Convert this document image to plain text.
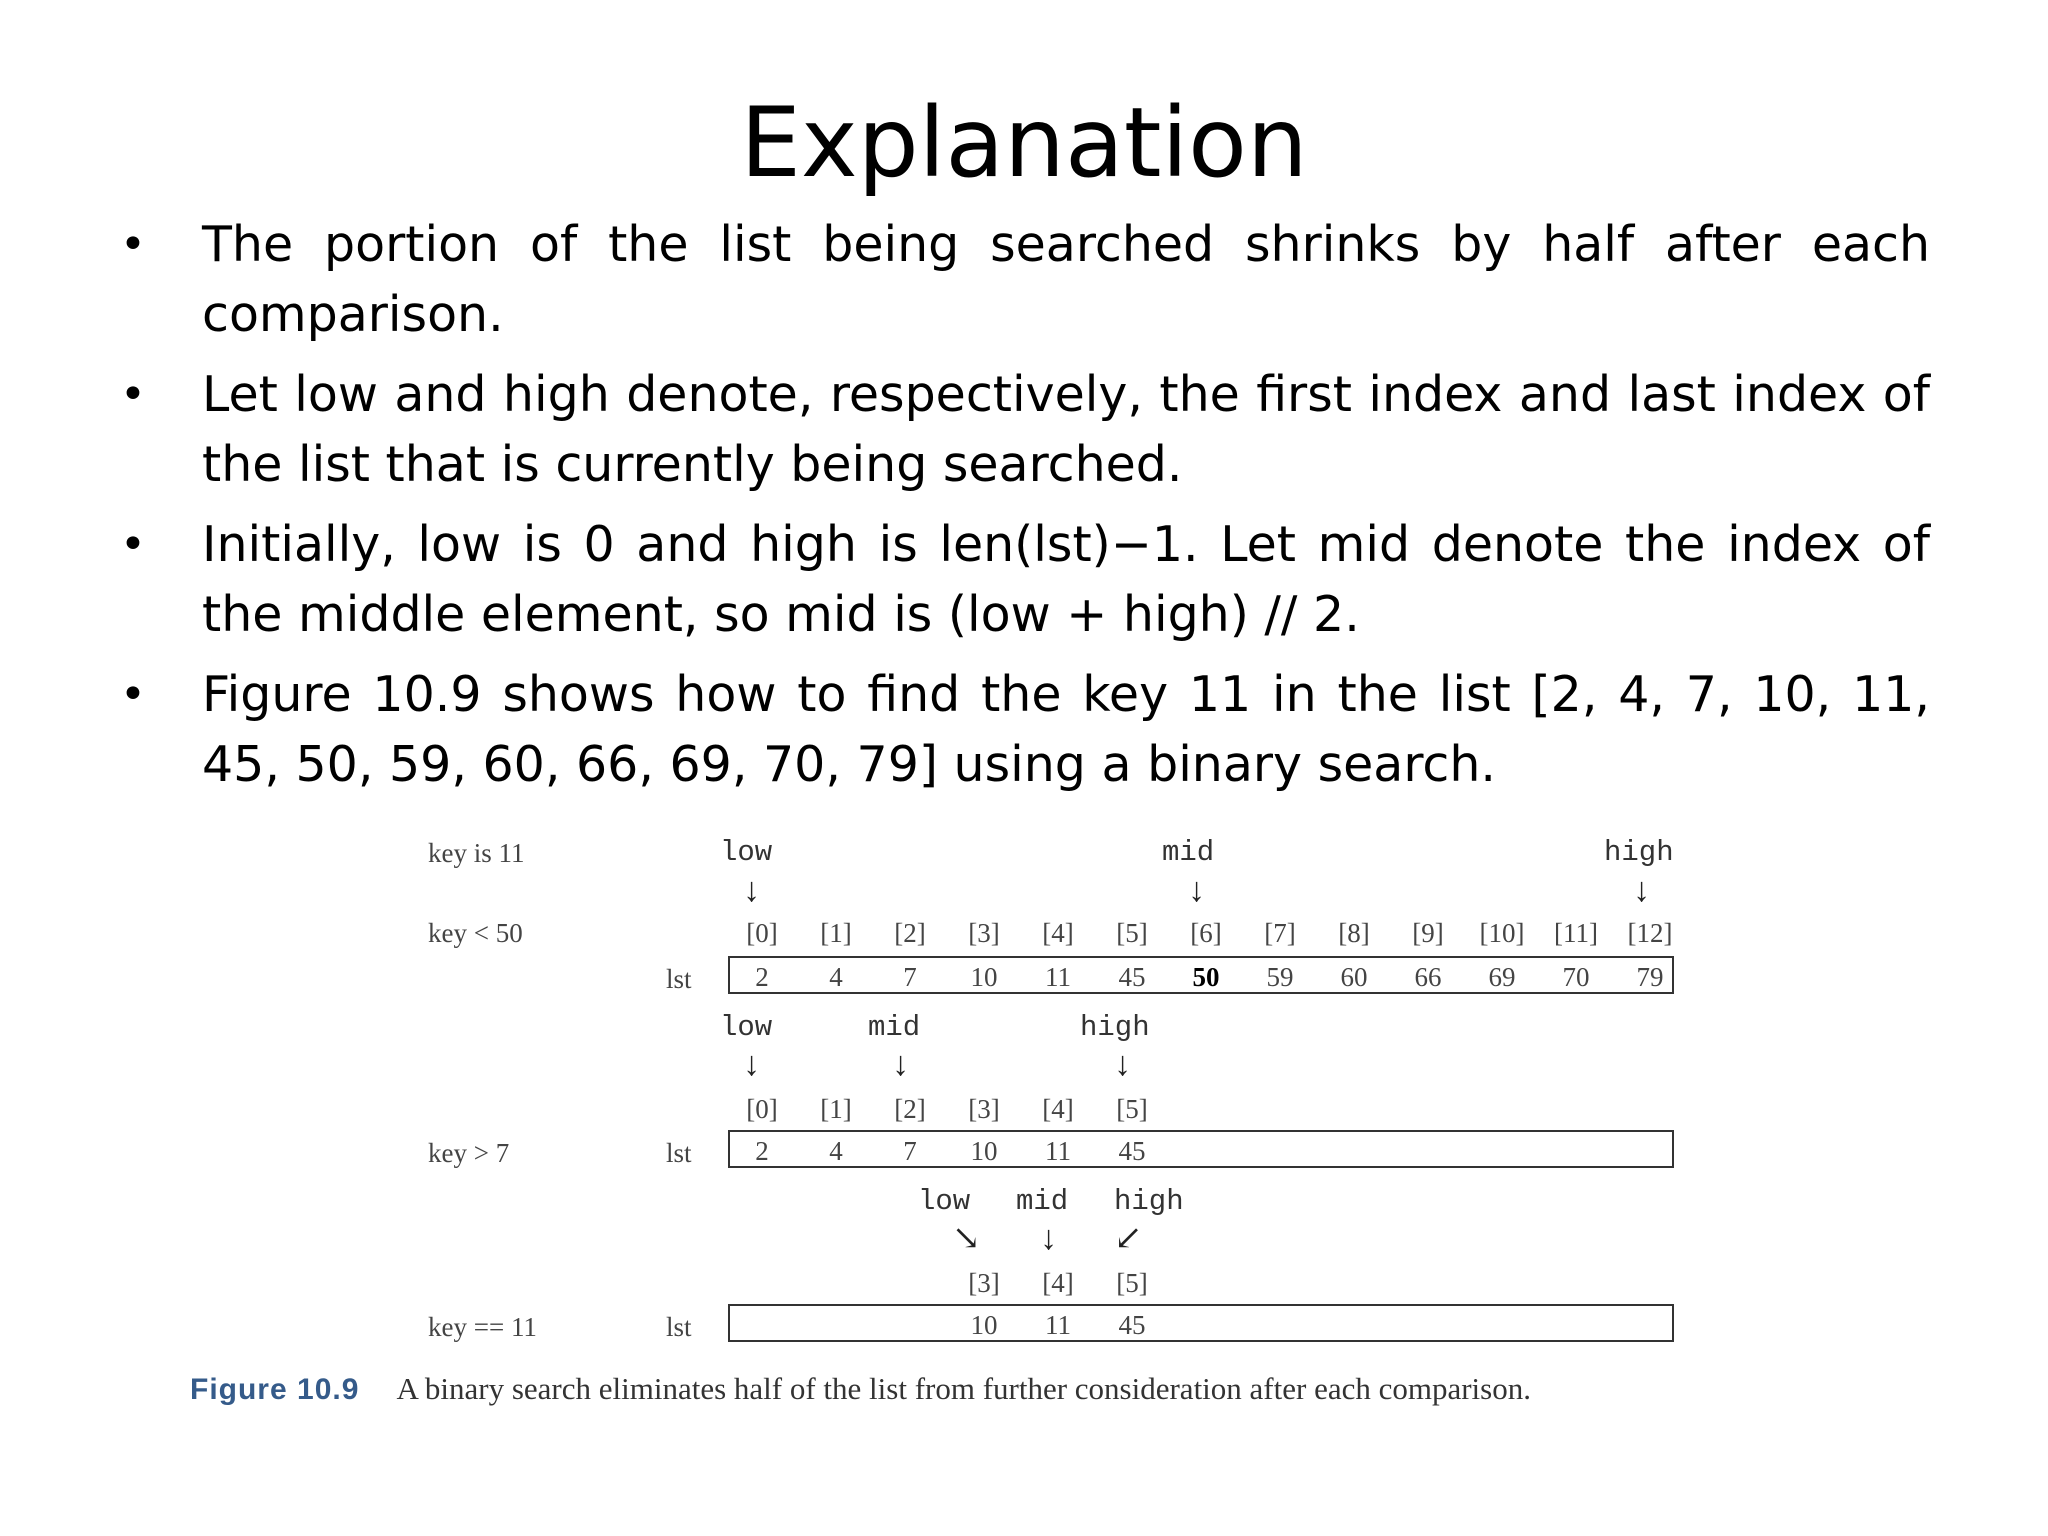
Explanation
• The portion of the list being searched shrinks by half after each comparison.
• Let low and high denote, respectively, the first index and last index of the list that is currently being searched.
• Initially, low is 0 and high is len(lst)−1. Let mid denote the index of the middle element, so mid is (low + high) // 2.
• Figure 10.9 shows how to find the key 11 in the list [2, 4, 7, 10, 11, 45, 50, 59, 60, 66, 69, 70, 79] using a binary search.
key is 11	low	mid	high
↓	↓	↓
key < 50
lst
low	mid	high
↓	↓	↓
key > 7	lst
low mid high
↘ ↓ ↙
key == 11	lst
Figure 10.9 A binary search eliminates half of the list from further consideration after each comparison.
[0]	[1]	[2]	[3]	[4]	[5]	[6]	[7]	[8]	[9]	[10] [11] [12]
2	4	7	10	11	45	50	59	60	66	69	70	79
[0]	[1]	[2]	[3]	[4]	[5]
2	4	7	10	11	45
[3]	[4]	[5]
10	11	45
